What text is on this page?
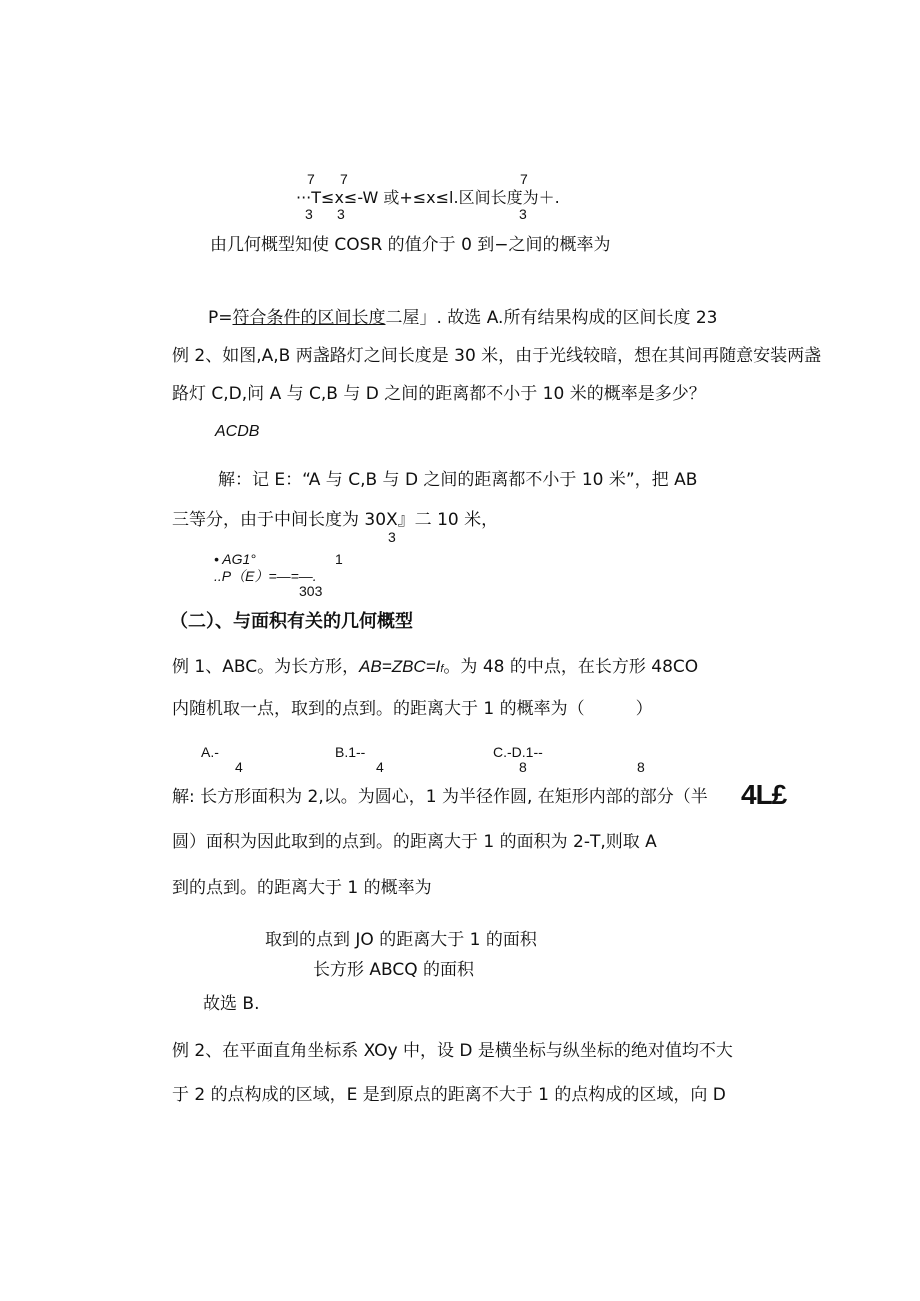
7 7	7
···T≤x≤-W 或+≤x≤l.区间长度为＋.
3 3	3
由几何概型知使 COSR 的值介于 0 到−之间的概率为
P=符合条件的区间长度二屋」. 故选 A.所有结果构成的区间长度 23
例 2、如图,A,B 两盏路灯之间长度是 30 米，由于光线较暗，想在其间再随意安装两盏
路灯 C,D,问 A 与 C,B 与 D 之间的距离都不小于 10 米的概率是多少？
ACDB
解：记 E：“A 与 C,B 与 D 之间的距离都不小于 10 米”，把 AB
三等分，由于中间长度为 30X』二 10 米，
3
• AG1°	1
..P（E）=—=—.
303
（二）、与面积有关的几何概型
例 1、ABC。为长方形，AB=ZBC=If。为 48 的中点，在长方形 48CO
内随机取一点，取到的点到。的距离大于 1 的概率为（　　　）
A.-	B.1--	C.-D.1--
4	4	8	8
解: 长方形面积为 2,以。为圆心，1 为半径作圆, 在矩形内部的部分（半 4L£
圆）面积为因此取到的点到。的距离大于 1 的面积为 2-T,则取 A
到的点到。的距离大于 1 的概率为
取到的点到 JO 的距离大于 1 的面积
长方形 ABCQ 的面积
故选 B.
例 2、在平面直角坐标系 XOy 中，设 D 是横坐标与纵坐标的绝对值均不大
于 2 的点构成的区域，E 是到原点的距离不大于 1 的点构成的区域，向 D
